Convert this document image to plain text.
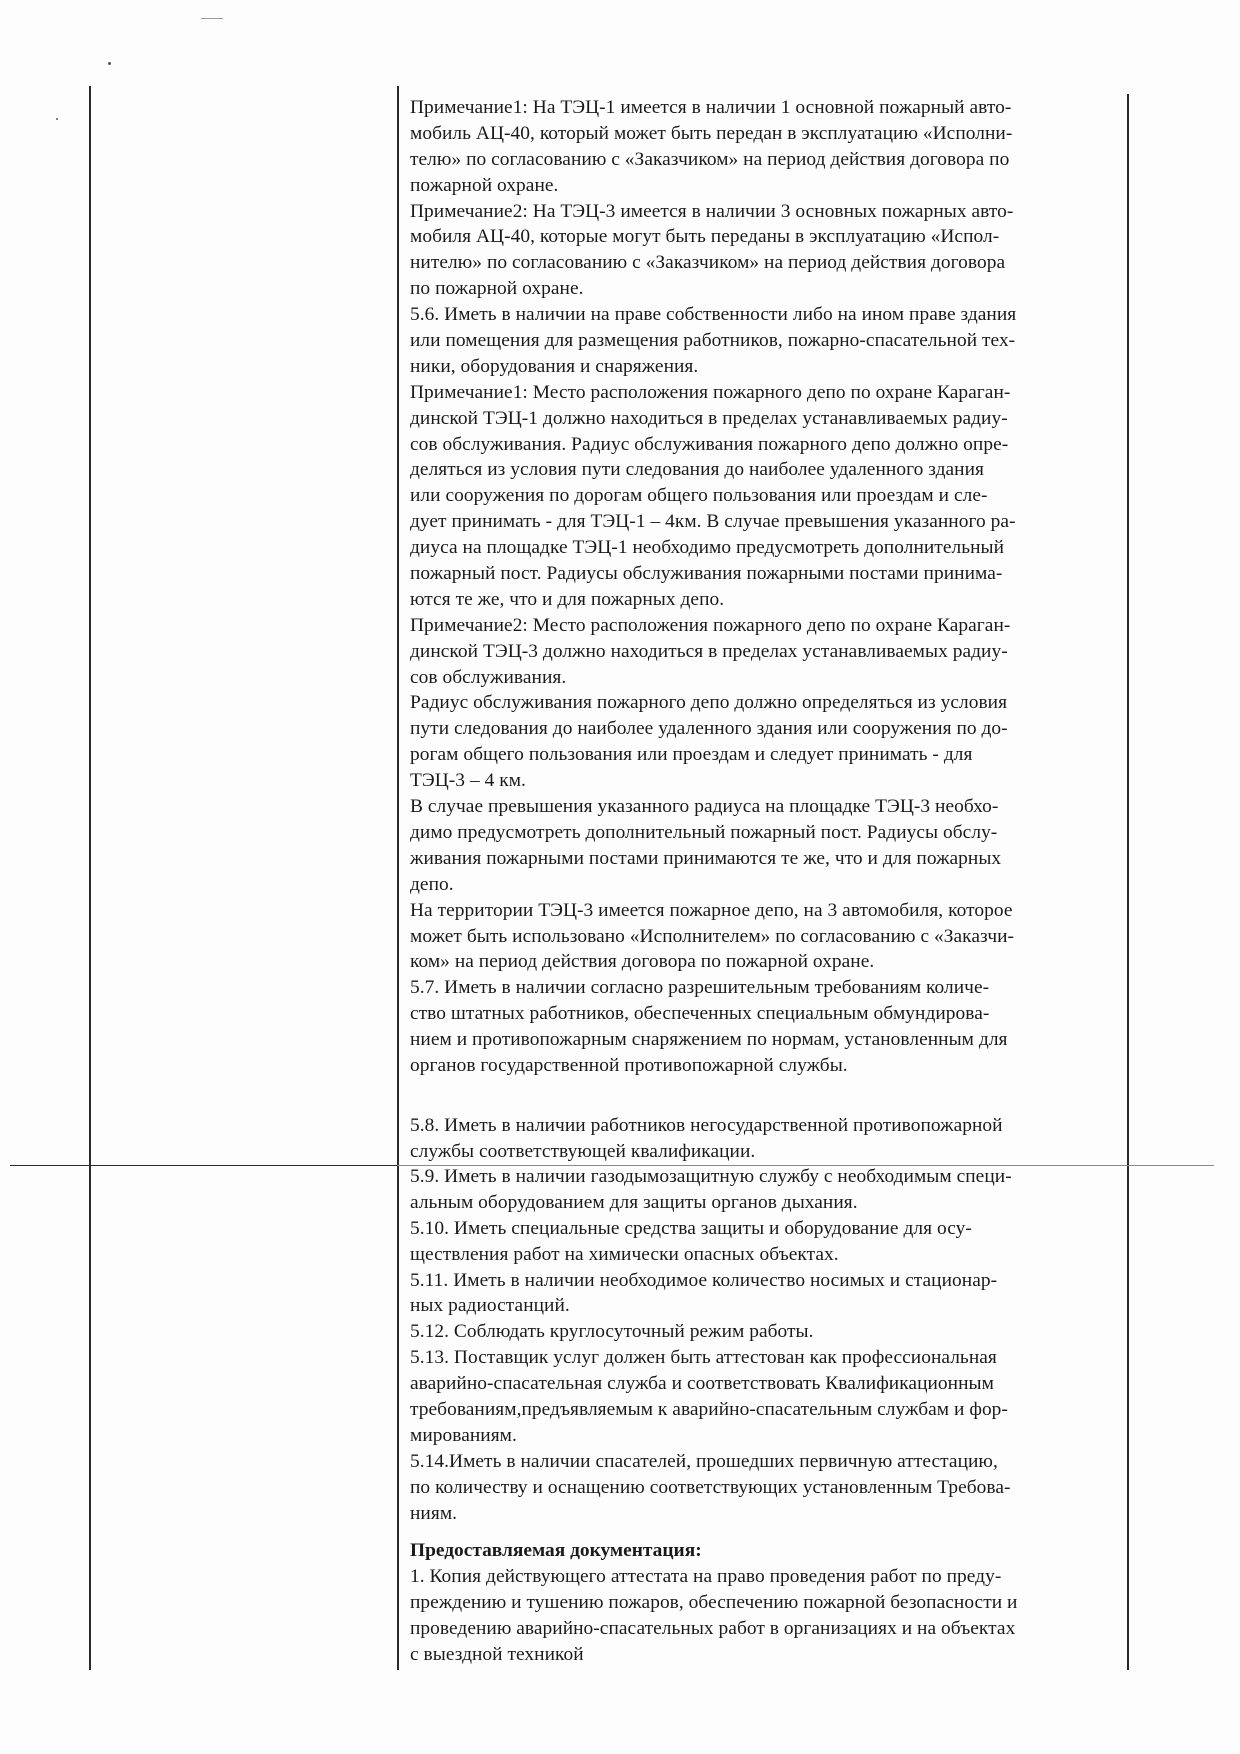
Примечание1: На ТЭЦ-1 имеется в наличии 1 основной пожарный авто-
мобиль АЦ-40, который может быть передан в эксплуатацию «Исполни-
телю» по согласованию с «Заказчиком» на период действия договора по
пожарной охране.
Примечание2: На ТЭЦ-3 имеется в наличии 3 основных пожарных авто-
мобиля АЦ-40, которые могут быть переданы в эксплуатацию «Испол-
нителю» по согласованию с «Заказчиком» на период действия договора
по пожарной охране.
5.6. Иметь в наличии на праве собственности либо на ином праве здания
или помещения для размещения работников, пожарно-спасательной тех-
ники, оборудования и снаряжения.
Примечание1: Место расположения пожарного депо по охране Караган-
динской ТЭЦ-1 должно находиться в пределах устанавливаемых радиу-
сов обслуживания. Радиус обслуживания пожарного депо должно опре-
деляться из условия пути следования до наиболее удаленного здания
или сооружения по дорогам общего пользования или проездам и сле-
дует принимать - для ТЭЦ-1 – 4км. В случае превышения указанного ра-
диуса на площадке ТЭЦ-1 необходимо предусмотреть дополнительный
пожарный пост. Радиусы обслуживания пожарными постами принима-
ются те же, что и для пожарных депо.
Примечание2: Место расположения пожарного депо по охране Караган-
динской ТЭЦ-3 должно находиться в пределах устанавливаемых радиу-
сов обслуживания.
Радиус обслуживания пожарного депо должно определяться из условия
пути следования до наиболее удаленного здания или сооружения по до-
рогам общего пользования или проездам и следует принимать - для
ТЭЦ-3 – 4 км.
В случае превышения указанного радиуса на площадке ТЭЦ-3 необхо-
димо предусмотреть дополнительный пожарный пост. Радиусы обслу-
живания пожарными постами принимаются те же, что и для пожарных
депо.
На территории ТЭЦ-3 имеется пожарное депо, на 3 автомобиля, которое
может быть использовано «Исполнителем» по согласованию с «Заказчи-
ком» на период действия договора по пожарной охране.
5.7. Иметь в наличии согласно разрешительным требованиям количе-
ство штатных работников, обеспеченных специальным обмундирова-
нием и противопожарным снаряжением по нормам, установленным для
органов государственной противопожарной службы.
5.8. Иметь в наличии работников негосударственной противопожарной
службы соответствующей квалификации.
5.9. Иметь в наличии газодымозащитную службу с необходимым специ-
альным оборудованием для защиты органов дыхания.
5.10. Иметь специальные средства защиты и оборудование для осу-
ществления работ на химически опасных объектах.
5.11. Иметь в наличии необходимое количество носимых и стационар-
ных радиостанций.
5.12. Соблюдать круглосуточный режим работы.
5.13. Поставщик услуг должен быть аттестован как профессиональная
аварийно-спасательная служба и соответствовать Квалификационным
требованиям,предъявляемым к аварийно-спасательным службам и фор-
мированиям.
5.14.Иметь в наличии спасателей, прошедших первичную аттестацию,
по количеству и оснащению соответствующих установленным Требова-
ниям.
Предоставляемая документация:
1. Копия действующего аттестата на право проведения работ по преду-
преждению и тушению пожаров, обеспечению пожарной безопасности и
проведению аварийно-спасательных работ в организациях и на объектах
с выездной техникой
